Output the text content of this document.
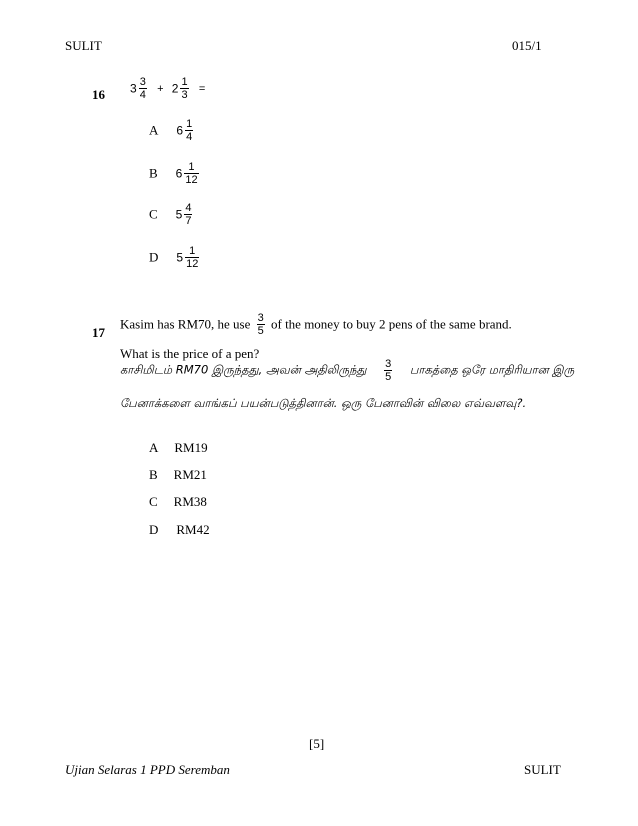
SULIT	015/1
16 $3 \frac{3}{4} + 2 \frac{1}{3}$ =
A $6 \frac{1}{4}$
B $6 \frac{1}{12}$
C $5 \frac{4}{7}$
D $5 \frac{1}{12}$
17
Kasim has RM70, he use $\frac{3}{5}$ of the money to buy 2 pens of the same brand.
What is the price of a pen?
காசிமிடம் RM70 இருந்தது, அவன் அதிலிருந்து $\frac{3}{5}$ பாகத்தை ஒரே மாதிரியான இரு
பேனாக்களை வாங்கப் பயன்படுத்தினான். ஒரு பேனாவின் விலை எவ்வளவு?.
A RM19
B RM21
C RM38
D RM42
[5]
Ujian Selaras 1 PPD Seremban	SULIT
